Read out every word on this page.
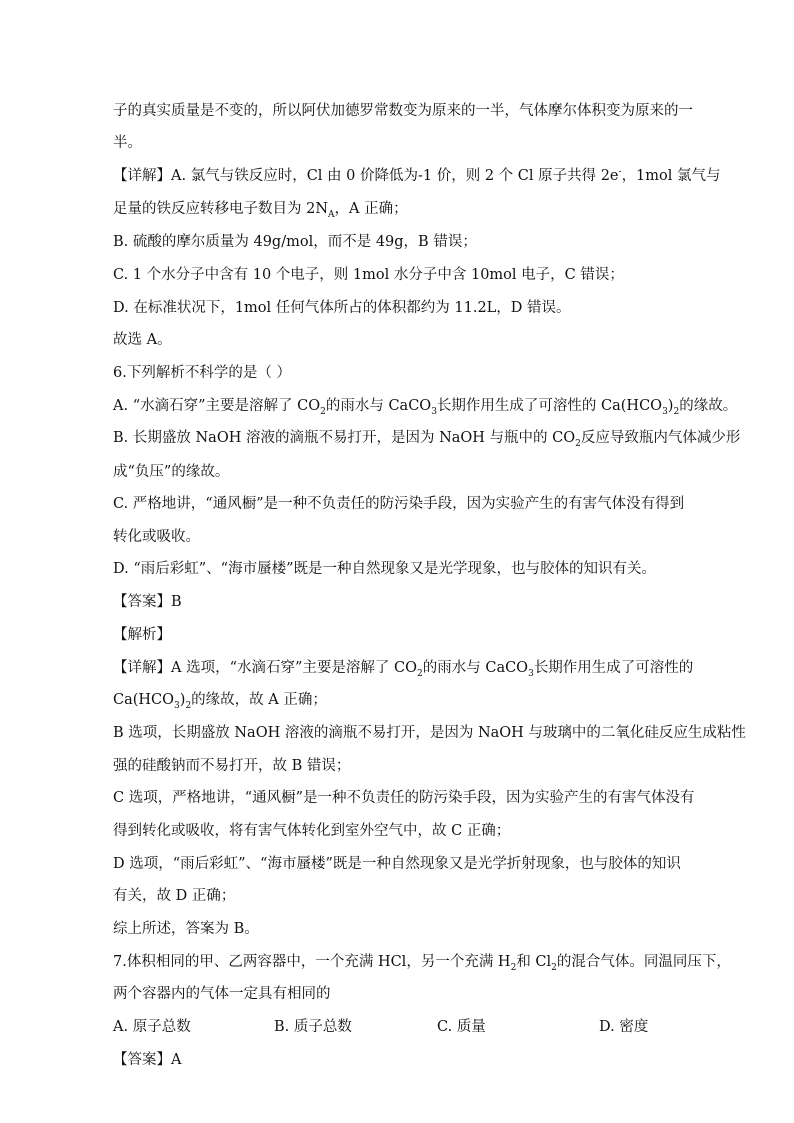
子的真实质量是不变的，所以阿伏加德罗常数变为原来的一半，气体摩尔体积变为原来的一
半。
【详解】A. 氯气与铁反应时，Cl 由 0 价降低为-1 价，则 2 个 Cl 原子共得 2e-，1mol 氯气与
足量的铁反应转移电子数目为 $2N_A$，A 正确；
B. 硫酸的摩尔质量为 49g/mol，而不是 49g，B 错误；
C. 1 个水分子中含有 10 个电子，则 1mol 水分子中含 10mol 电子，C 错误；
D. 在标准状况下，1mol 任何气体所占的体积都约为 11.2L，D 错误。
故选 A。
6.下列解析不科学的是（ ）
A. “水滴石穿”主要是溶解了 $CO_2$的雨水与 CaCO$_3$长期作用生成了可溶性的 $Ca(HCO_3)_2$的缘故。
B. 长期盛放 NaOH 溶液的滴瓶不易打开，是因为 NaOH 与瓶中的 $CO_2$反应导致瓶内气体减少形
成“负压”的缘故。
C. 严格地讲，“通风橱”是一种不负责任的防污染手段，因为实验产生的有害气体没有得到
转化或吸收。
D. “雨后彩虹”、“海市蜃楼”既是一种自然现象又是光学现象，也与胶体的知识有关。
【答案】B
【解析】
【详解】A 选项，“水滴石穿”主要是溶解了 $CO_2$的雨水与 CaCO$_3$长期作用生成了可溶性的
$Ca(HCO_3)_2$的缘故，故 A 正确；
B 选项，长期盛放 NaOH 溶液的滴瓶不易打开，是因为 NaOH 与玻璃中的二氧化硅反应生成粘性
强的硅酸钠而不易打开，故 B 错误；
C 选项，严格地讲，“通风橱”是一种不负责任的防污染手段，因为实验产生的有害气体没有
得到转化或吸收，将有害气体转化到室外空气中，故 C 正确；
D 选项，“雨后彩虹”、“海市蜃楼”既是一种自然现象又是光学折射现象，也与胶体的知识
有关，故 D 正确；
综上所述，答案为 B。
7.体积相同的甲、乙两容器中，一个充满 HCl，另一个充满 $H_2$和 $Cl_2$的混合气体。同温同压下，
两个容器内的气体一定具有相同的
A. 原子总数	B. 质子总数	C. 质量	D. 密度
【答案】A
